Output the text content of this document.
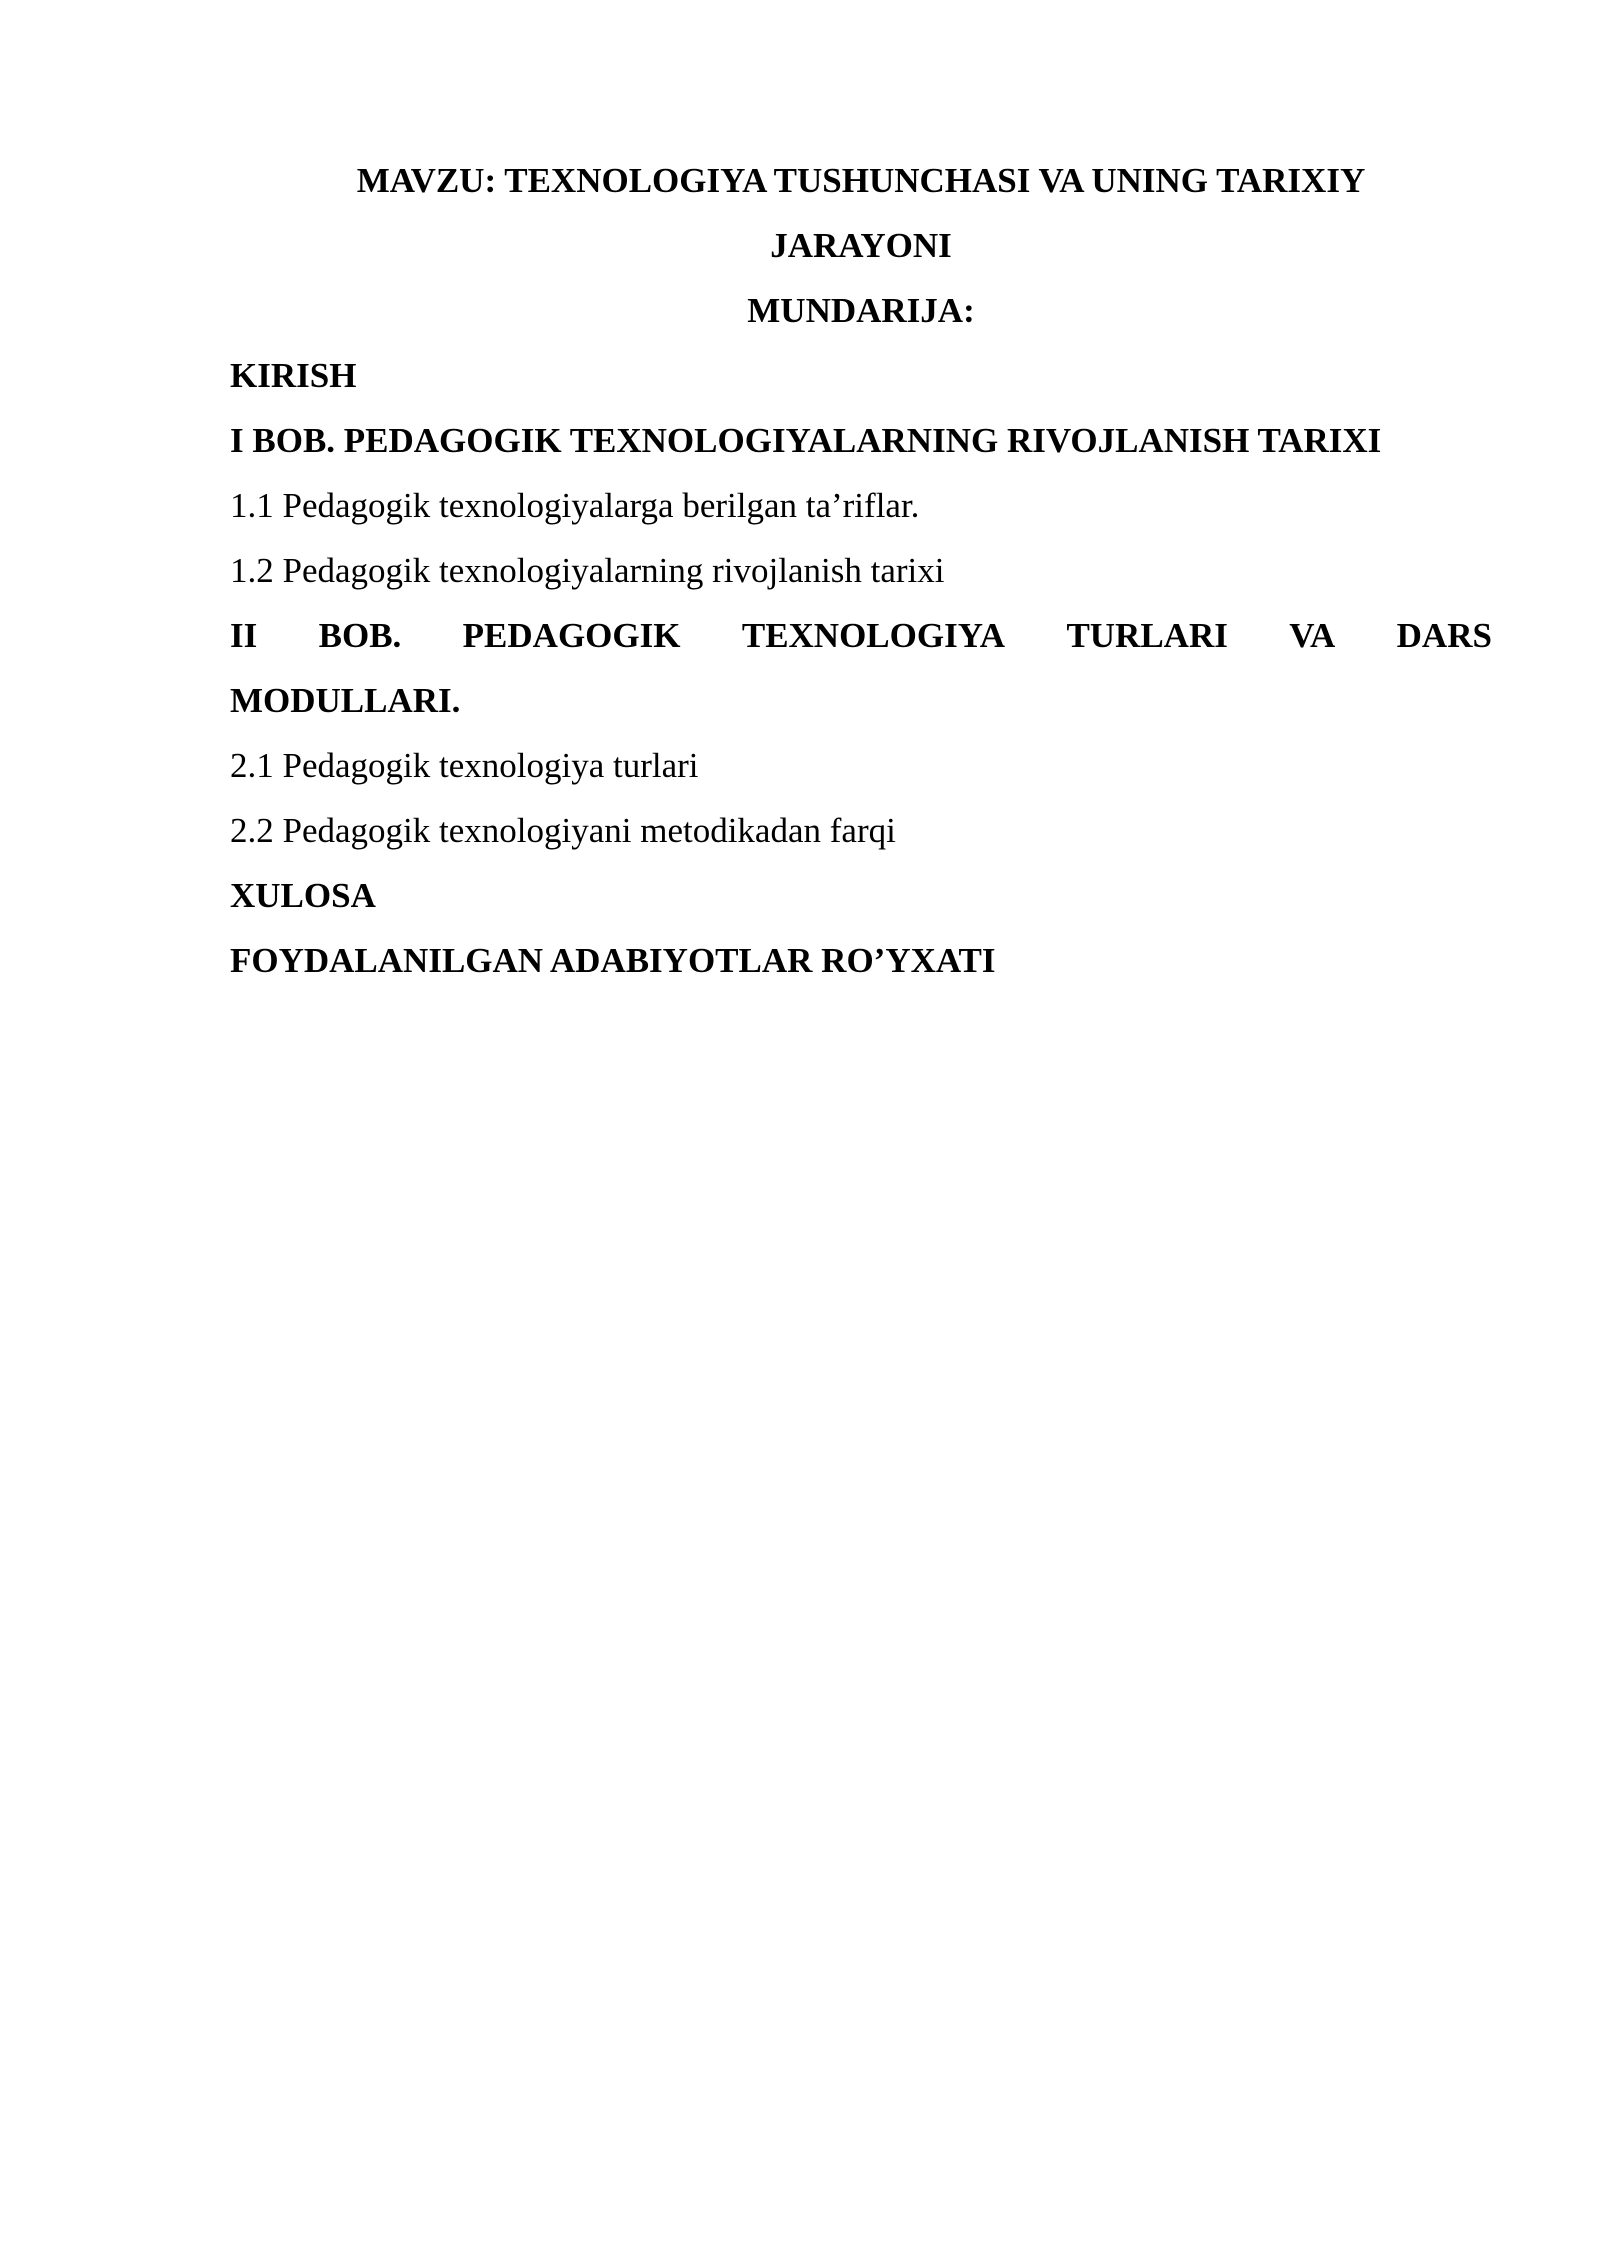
MAVZU: TEXNOLOGIYA TUSHUNCHASI VA UNING TARIXIY

JARAYONI

MUNDARIJA:

KIRISH

I BOB. PEDAGOGIK TEXNOLOGIYALARNING RIVOJLANISH TARIXI

1.1 Pedagogik texnologiyalarga berilgan ta’riflar.

1.2 Pedagogik texnologiyalarning rivojlanish tarixi

II BOB. PEDAGOGIK TEXNOLOGIYA TURLARI VA DARS

MODULLARI.

2.1 Pedagogik texnologiya turlari

2.2 Pedagogik texnologiyani metodikadan farqi

XULOSA

FOYDALANILGAN ADABIYOTLAR RO’YXATI
